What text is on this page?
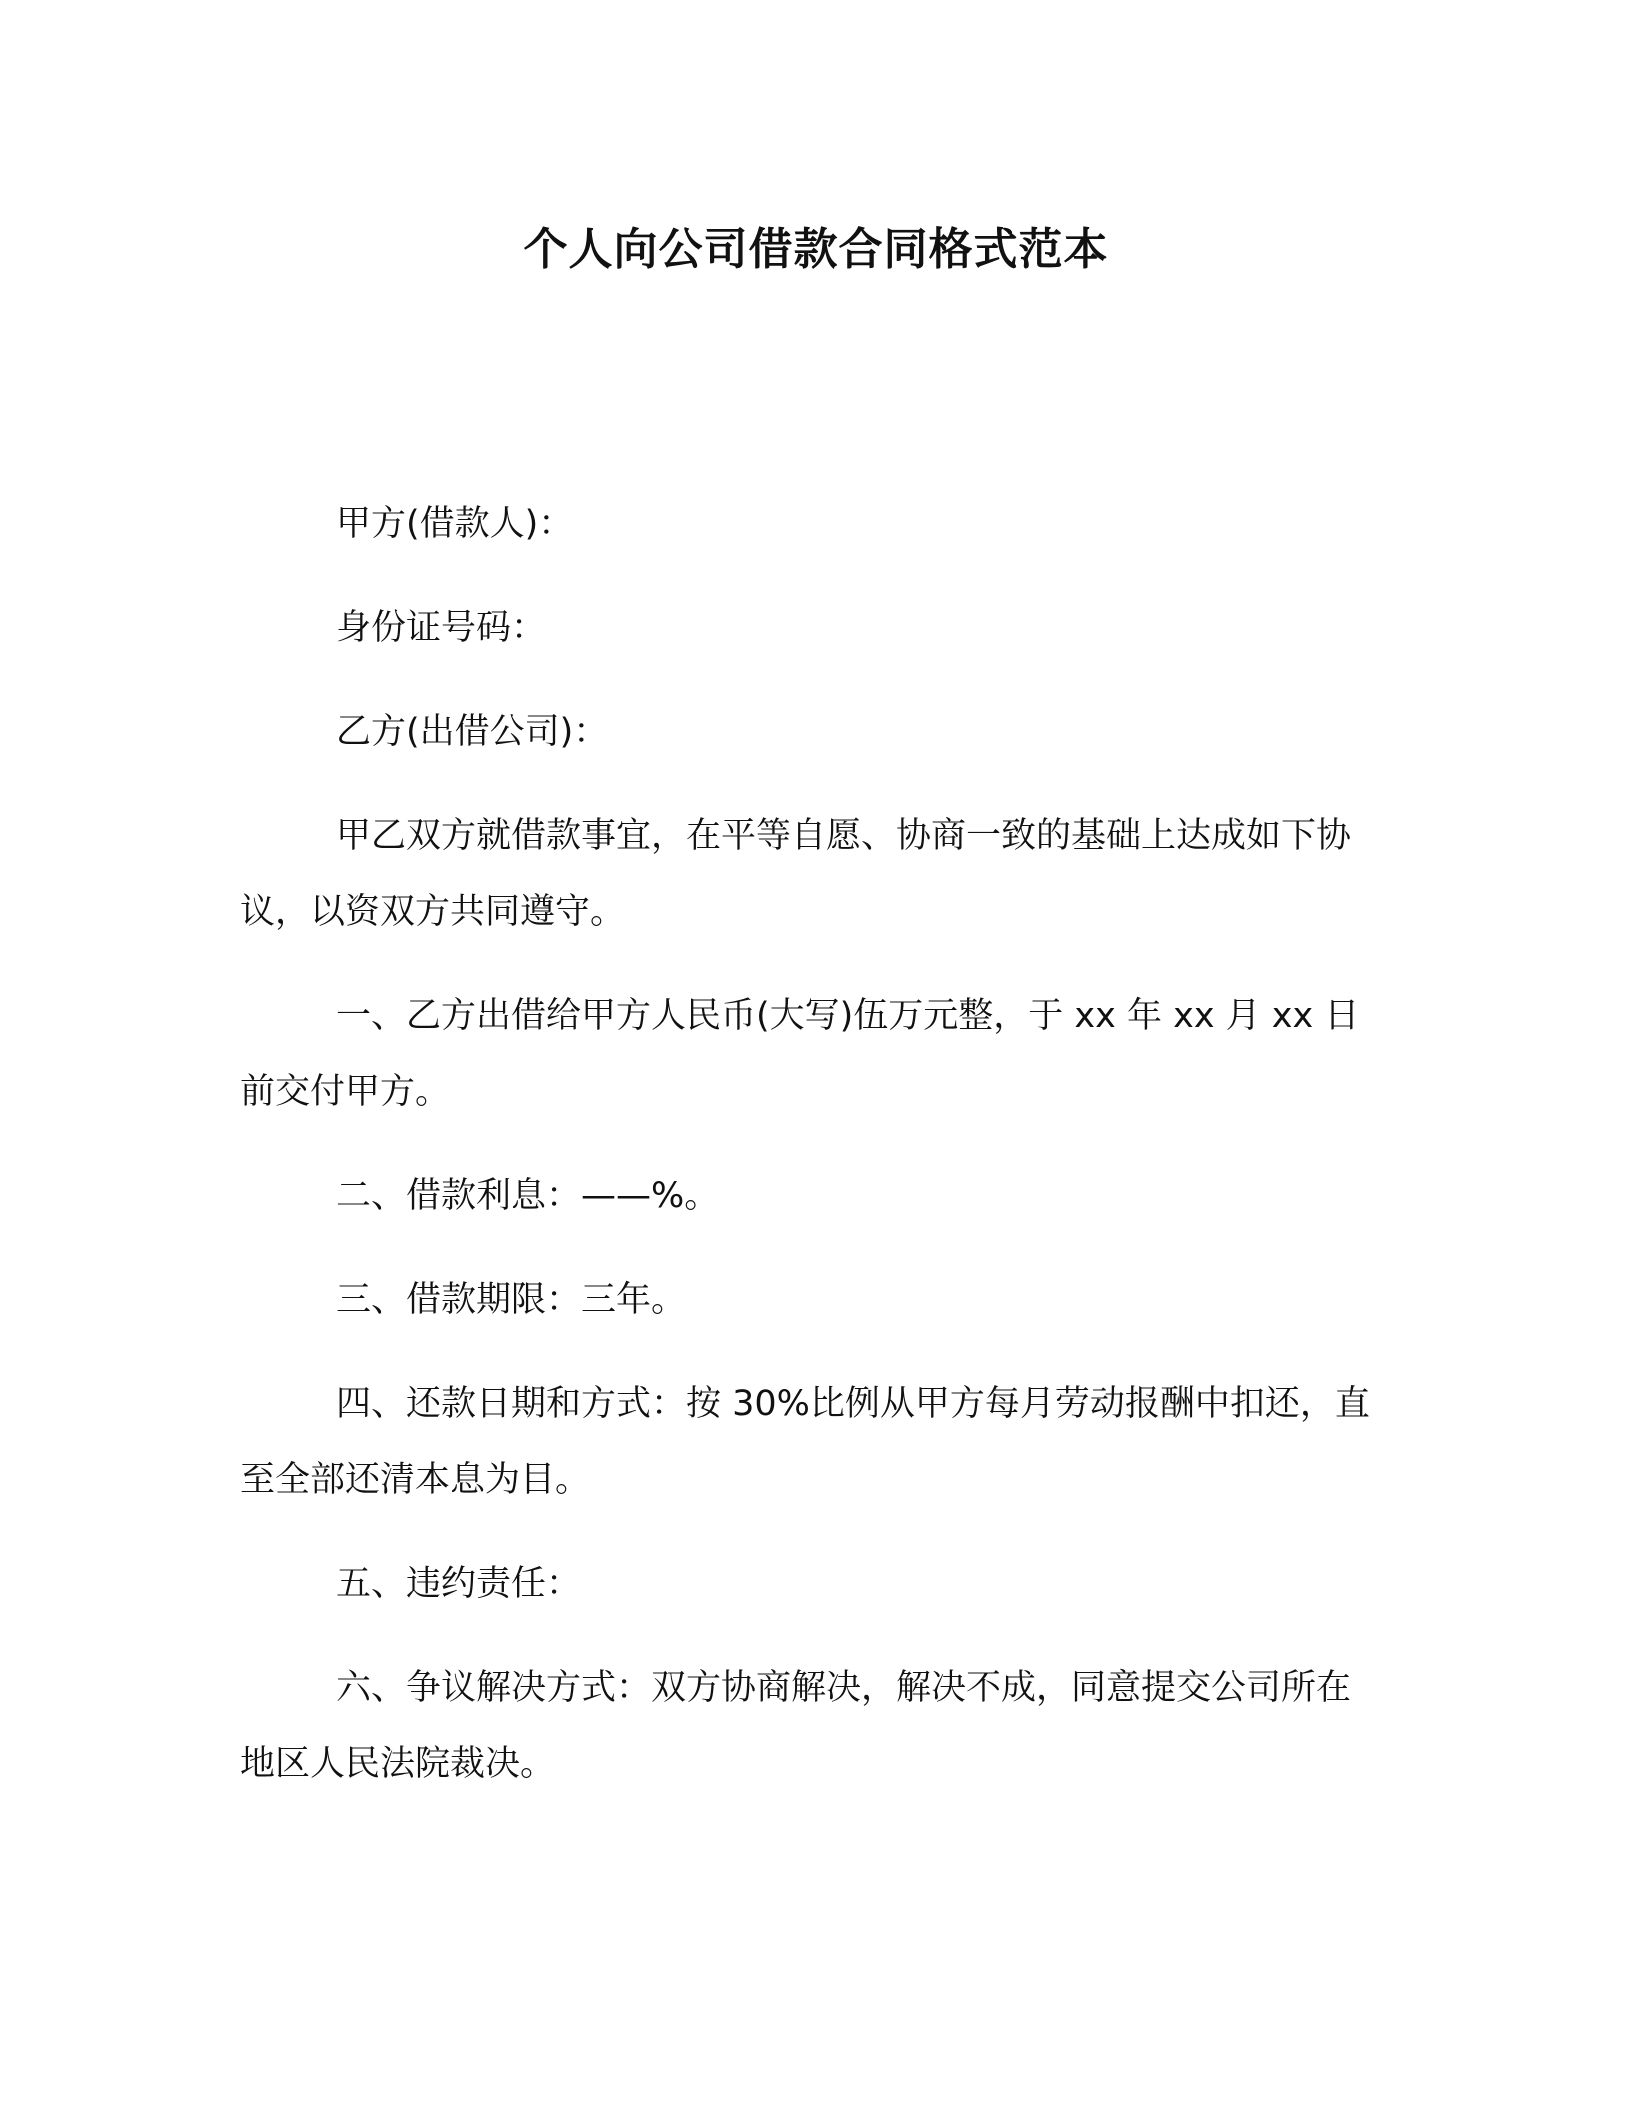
个人向公司借款合同格式范本

甲方(借款人)：

身份证号码：

乙方(出借公司)：

甲乙双方就借款事宜，在平等自愿、协商一致的基础上达成如下协议，以资双方共同遵守。

一、乙方出借给甲方人民币(大写)伍万元整，于 xx 年 xx 月 xx 日前交付甲方。

二、借款利息：——%。

三、借款期限：三年。

四、还款日期和方式：按 30%比例从甲方每月劳动报酬中扣还，直至全部还清本息为目。

五、违约责任：

六、争议解决方式：双方协商解决，解决不成，同意提交公司所在地区人民法院裁决。
